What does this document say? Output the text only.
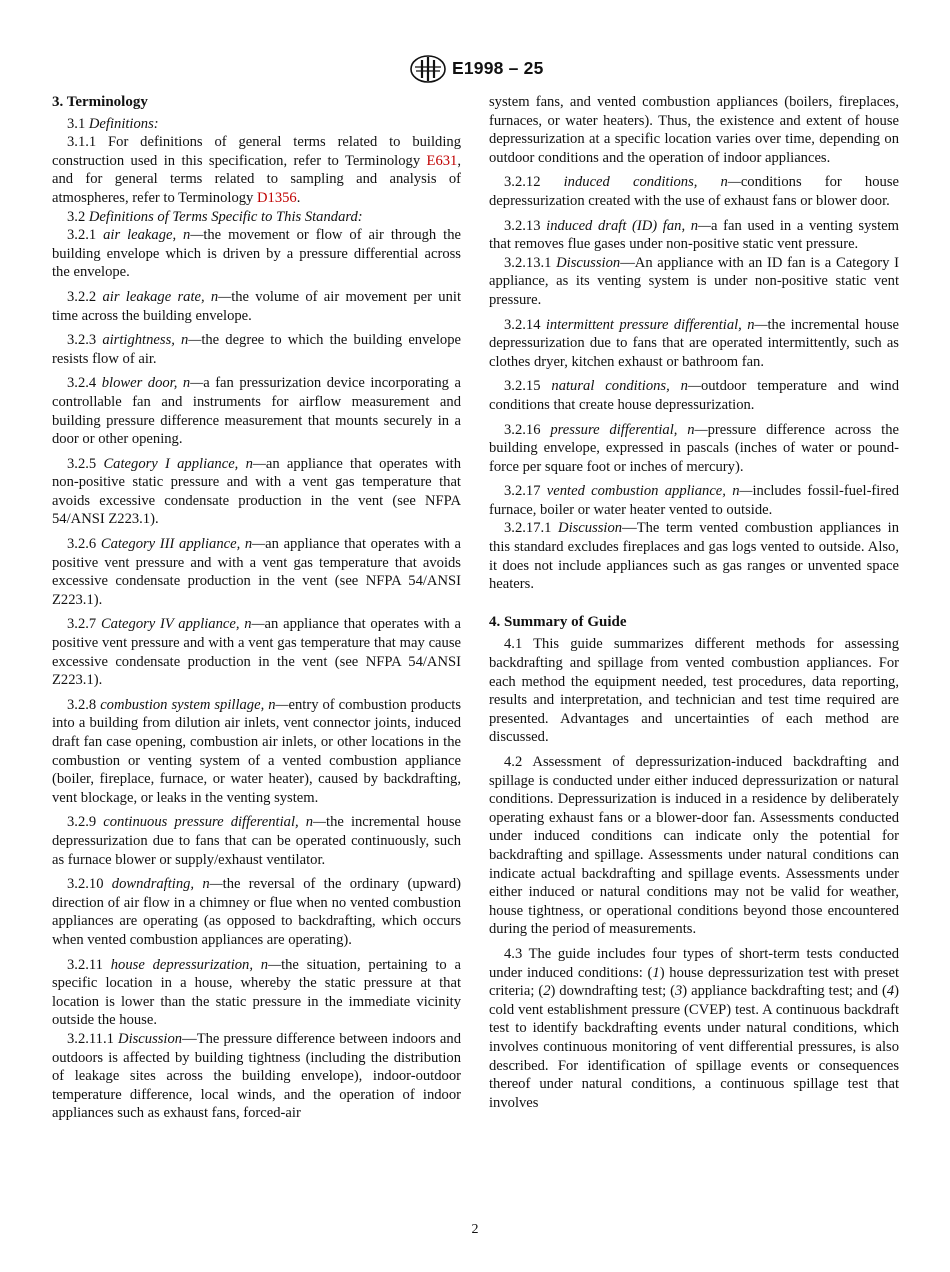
E1998 – 25
3. Terminology

3.1 Definitions:

3.1.1 For definitions of general terms related to building construction used in this specification, refer to Terminology E631, and for general terms related to sampling and analysis of atmospheres, refer to Terminology D1356.

3.2 Definitions of Terms Specific to This Standard:

3.2.1 air leakage, n—the movement or flow of air through the building envelope which is driven by a pressure differential across the envelope.

3.2.2 air leakage rate, n—the volume of air movement per unit time across the building envelope.

3.2.3 airtightness, n—the degree to which the building envelope resists flow of air.

3.2.4 blower door, n—a fan pressurization device incorporating a controllable fan and instruments for airflow measurement and building pressure difference measurement that mounts securely in a door or other opening.

3.2.5 Category I appliance, n—an appliance that operates with non-positive static pressure and with a vent gas temperature that avoids excessive condensate production in the vent (see NFPA 54/ANSI Z223.1).

3.2.6 Category III appliance, n—an appliance that operates with a positive vent pressure and with a vent gas temperature that avoids excessive condensate production in the vent (see NFPA 54/ANSI Z223.1).

3.2.7 Category IV appliance, n—an appliance that operates with a positive vent pressure and with a vent gas temperature that may cause excessive condensate production in the vent (see NFPA 54/ANSI Z223.1).

3.2.8 combustion system spillage, n—entry of combustion products into a building from dilution air inlets, vent connector joints, induced draft fan case opening, combustion air inlets, or other locations in the combustion or venting system of a vented combustion appliance (boiler, fireplace, furnace, or water heater), caused by backdrafting, vent blockage, or leaks in the venting system.

3.2.9 continuous pressure differential, n—the incremental house depressurization due to fans that can be operated continuously, such as furnace blower or supply/exhaust ventilator.

3.2.10 downdrafting, n—the reversal of the ordinary (upward) direction of air flow in a chimney or flue when no vented combustion appliances are operating (as opposed to backdrafting, which occurs when vented combustion appliances are operating).

3.2.11 house depressurization, n—the situation, pertaining to a specific location in a house, whereby the static pressure at that location is lower than the static pressure in the immediate vicinity outside the house.

3.2.11.1 Discussion—The pressure difference between indoors and outdoors is affected by building tightness (including the distribution of leakage sites across the building envelope), indoor-outdoor temperature difference, local winds, and the operation of indoor appliances such as exhaust fans, forced-air

system fans, and vented combustion appliances (boilers, fireplaces, furnaces, or water heaters). Thus, the existence and extent of house depressurization at a specific location varies over time, depending on outdoor conditions and the operation of indoor appliances.

3.2.12 induced conditions, n—conditions for house depressurization created with the use of exhaust fans or blower door.

3.2.13 induced draft (ID) fan, n—a fan used in a venting system that removes flue gases under non-positive static vent pressure.

3.2.13.1 Discussion—An appliance with an ID fan is a Category I appliance, as its venting system is under non-positive static vent pressure.

3.2.14 intermittent pressure differential, n—the incremental house depressurization due to fans that are operated intermittently, such as clothes dryer, kitchen exhaust or bathroom fan.

3.2.15 natural conditions, n—outdoor temperature and wind conditions that create house depressurization.

3.2.16 pressure differential, n—pressure difference across the building envelope, expressed in pascals (inches of water or pound-force per square foot or inches of mercury).

3.2.17 vented combustion appliance, n—includes fossil-fuel-fired furnace, boiler or water heater vented to outside.

3.2.17.1 Discussion—The term vented combustion appliances in this standard excludes fireplaces and gas logs vented to outside. Also, it does not include appliances such as gas ranges or unvented space heaters.

4. Summary of Guide

4.1 This guide summarizes different methods for assessing backdrafting and spillage from vented combustion appliances. For each method the equipment needed, test procedures, data reporting, results and interpretation, and technician and test time required are presented. Advantages and uncertainties of each method are discussed.

4.2 Assessment of depressurization-induced backdrafting and spillage is conducted under either induced depressurization or natural conditions. Depressurization is induced in a residence by deliberately operating exhaust fans or a blower-door fan. Assessments conducted under induced conditions can indicate only the potential for backdrafting and spillage. Assessments under natural conditions can indicate actual backdrafting and spillage events. Assessments under either induced or natural conditions may not be valid for weather, house tightness, or operational conditions beyond those encountered during the period of measurements.

4.3 The guide includes four types of short-term tests conducted under induced conditions: (1) house depressurization test with preset criteria; (2) downdrafting test; (3) appliance backdrafting test; and (4) cold vent establishment pressure (CVEP) test. A continuous backdraft test to identify backdrafting events under natural conditions, which involves continuous monitoring of vent differential pressures, is also described. For identification of spillage events or consequences thereof under natural conditions, a continuous spillage test that involves

2
